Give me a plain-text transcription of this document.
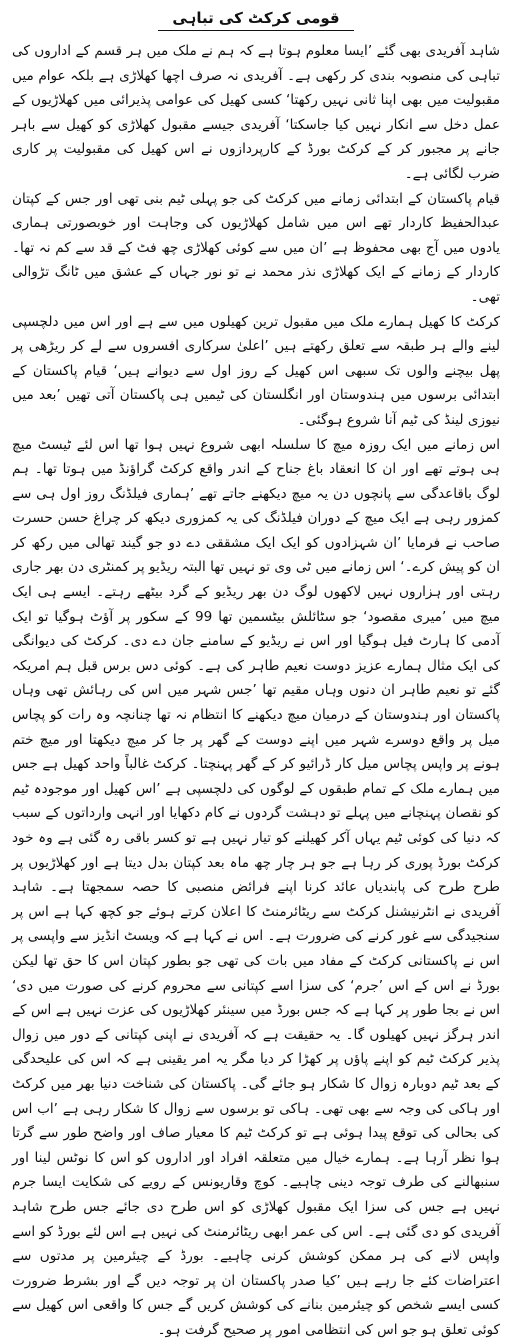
قومی کرکٹ کی تباہی

شاہد آفریدی بھی گئے ’ایسا معلوم ہوتا ہے کہ ہم نے ملک میں ہر قسم کے اداروں کی تباہی کی منصوبہ بندی کر رکھی ہے۔ آفریدی نہ صرف اچھا کھلاڑی ہے بلکہ عوام میں مقبولیت میں بھی اپنا ثانی نہیں رکھتا‘ کسی کھیل کی عوامی پذیرائی میں کھلاڑیوں کے عمل دخل سے انکار نہیں کیا جاسکتا‘ آفریدی جیسے مقبول کھلاڑی کو کھیل سے باہر جانے پر مجبور کر کے کرکٹ بورڈ کے کارپردازوں نے اس کھیل کی مقبولیت پر کاری ضرب لگائی ہے۔

قیام پاکستان کے ابتدائی زمانے میں کرکٹ کی جو پہلی ٹیم بنی تھی اور جس کے کپتان عبدالحفیظ کاردار تھے اس میں شامل کھلاڑیوں کی وجاہت اور خوبصورتی ہماری یادوں میں آج بھی محفوظ ہے ’ان میں سے کوئی کھلاڑی چھ فٹ کے قد سے کم نہ تھا۔ کاردار کے زمانے کے ایک کھلاڑی نذر محمد نے تو نور جہاں کے عشق میں ٹانگ تڑوالی تھی۔

کرکٹ کا کھیل ہمارے ملک میں مقبول ترین کھیلوں میں سے ہے اور اس میں دلچسپی لینے والے ہر طبقہ سے تعلق رکھتے ہیں ’اعلیٰ سرکاری افسروں سے لے کر ریڑھی پر پھل بیچنے والوں تک سبھی اس کھیل کے روز اول سے دیوانے ہیں‘ قیام پاکستان کے ابتدائی برسوں میں ہندوستان اور انگلستان کی ٹیمیں ہی پاکستان آتی تھیں ’بعد میں نیوزی لینڈ کی ٹیم آنا شروع ہوگئی۔

اس زمانے میں ایک روزہ میچ کا سلسلہ ابھی شروع نہیں ہوا تھا اس لئے ٹیسٹ میچ ہی ہوتے تھے اور ان کا انعقاد باغ جناح کے اندر واقع کرکٹ گراؤنڈ میں ہوتا تھا۔ ہم لوگ باقاعدگی سے پانچوں دن یہ میچ دیکھنے جاتے تھے ’ہماری فیلڈنگ روز اول ہی سے کمزور رہی ہے ایک میچ کے دوران فیلڈنگ کی یہ کمزوری دیکھ کر چراغ حسن حسرت صاحب نے فرمایا ’ان شہزادوں کو ایک ایک مشققی دے دو جو گیند تھالی میں رکھ کر ان کو پیش کرے۔‘ اس زمانے میں ٹی وی تو نہیں تھا البتہ ریڈیو پر کمنٹری دن بھر جاری رہتی اور ہزاروں نہیں لاکھوں لوگ دن بھر ریڈیو کے گرد بیٹھے رہتے۔ ایسے ہی ایک میچ میں ’میری مقصود‘ جو سٹائلش بیٹسمین تھا 99 کے سکور پر آؤٹ ہوگیا تو ایک آدمی کا ہارٹ فیل ہوگیا اور اس نے ریڈیو کے سامنے جان دے دی۔ کرکٹ کی دیوانگی کی ایک مثال ہمارے عزیز دوست نعیم طاہر کی ہے۔ کوئی دس برس قبل ہم امریکہ گئے تو نعیم طاہر ان دنوں وہاں مقیم تھا ’جس شہر میں اس کی رہائش تھی وہاں پاکستان اور ہندوستان کے درمیان میچ دیکھنے کا انتظام نہ تھا چنانچہ وہ رات کو پچاس میل پر واقع دوسرے شہر میں اپنے دوست کے گھر پر جا کر میچ دیکھتا اور میچ ختم ہونے پر واپس پچاس میل کار ڈرائیو کر کے گھر پہنچتا۔ کرکٹ غالباً واحد کھیل ہے جس میں ہمارے ملک کے تمام طبقوں کے لوگوں کی دلچسپی ہے ’اس کھیل اور موجودہ ٹیم کو نقصان پہنچانے میں پہلے تو دہشت گردوں نے کام دکھایا اور انہی وارداتوں کے سبب کہ دنیا کی کوئی ٹیم یہاں آکر کھیلنے کو تیار نہیں ہے تو کسر باقی رہ گئی ہے وہ خود کرکٹ بورڈ پوری کر رہا ہے جو ہر چار چھ ماہ بعد کپتان بدل دیتا ہے اور کھلاڑیوں پر طرح طرح کی پابندیاں عائد کرنا اپنے فرائض منصبی کا حصہ سمجھتا ہے۔ شاہد آفریدی نے انٹرنیشنل کرکٹ سے ریٹائرمنٹ کا اعلان کرتے ہوئے جو کچھ کہا ہے اس پر سنجیدگی سے غور کرنے کی ضرورت ہے۔ اس نے کہا ہے کہ ویسٹ انڈیز سے واپسی پر اس نے پاکستانی کرکٹ کے مفاد میں بات کی تھی جو بطور کپتان اس کا حق تھا لیکن بورڈ نے اس کے اس ’جرم‘ کی سزا اسے کپتانی سے محروم کرنے کی صورت میں دی‘ اس نے بجا طور پر کہا ہے کہ جس بورڈ میں سینئر کھلاڑیوں کی عزت نہیں ہے اس کے اندر ہرگز نہیں کھیلوں گا۔ یہ حقیقت ہے کہ آفریدی نے اپنی کپتانی کے دور میں زوال پذیر کرکٹ ٹیم کو اپنے پاؤں پر کھڑا کر دیا مگر یہ امر یقینی ہے کہ اس کی علیحدگی کے بعد ٹیم دوبارہ زوال کا شکار ہو جائے گی۔ پاکستان کی شناخت دنیا بھر میں کرکٹ اور ہاکی کی وجہ سے بھی تھی۔ ہاکی تو برسوں سے زوال کا شکار رہی ہے ’اب اس کی بحالی کی توقع پیدا ہوئی ہے تو کرکٹ ٹیم کا معیار صاف اور واضح طور سے گرتا ہوا نظر آرہا ہے۔ ہمارے خیال میں متعلقہ افراد اور اداروں کو اس کا نوٹس لینا اور سنبھالنے کی طرف توجہ دینی چاہیے۔ کوچ وقاریونس کے رویے کی شکایت ایسا جرم نہیں ہے جس کی سزا ایک مقبول کھلاڑی کو اس طرح دی جائے جس طرح شاہد آفریدی کو دی گئی ہے۔ اس کی عمر ابھی ریٹائرمنٹ کی نہیں ہے اس لئے بورڈ کو اسے واپس لانے کی ہر ممکن کوشش کرنی چاہیے۔ بورڈ کے چیئرمین پر مدتوں سے اعتراضات کئے جا رہے ہیں ’کیا صدر پاکستان ان پر توجہ دیں گے اور بشرط ضرورت کسی ایسے شخص کو چیئرمین بنانے کی کوشش کریں گے جس کا واقعی اس کھیل سے کوئی تعلق ہو جو اس کی انتظامی امور پر صحیح گرفت ہو۔
